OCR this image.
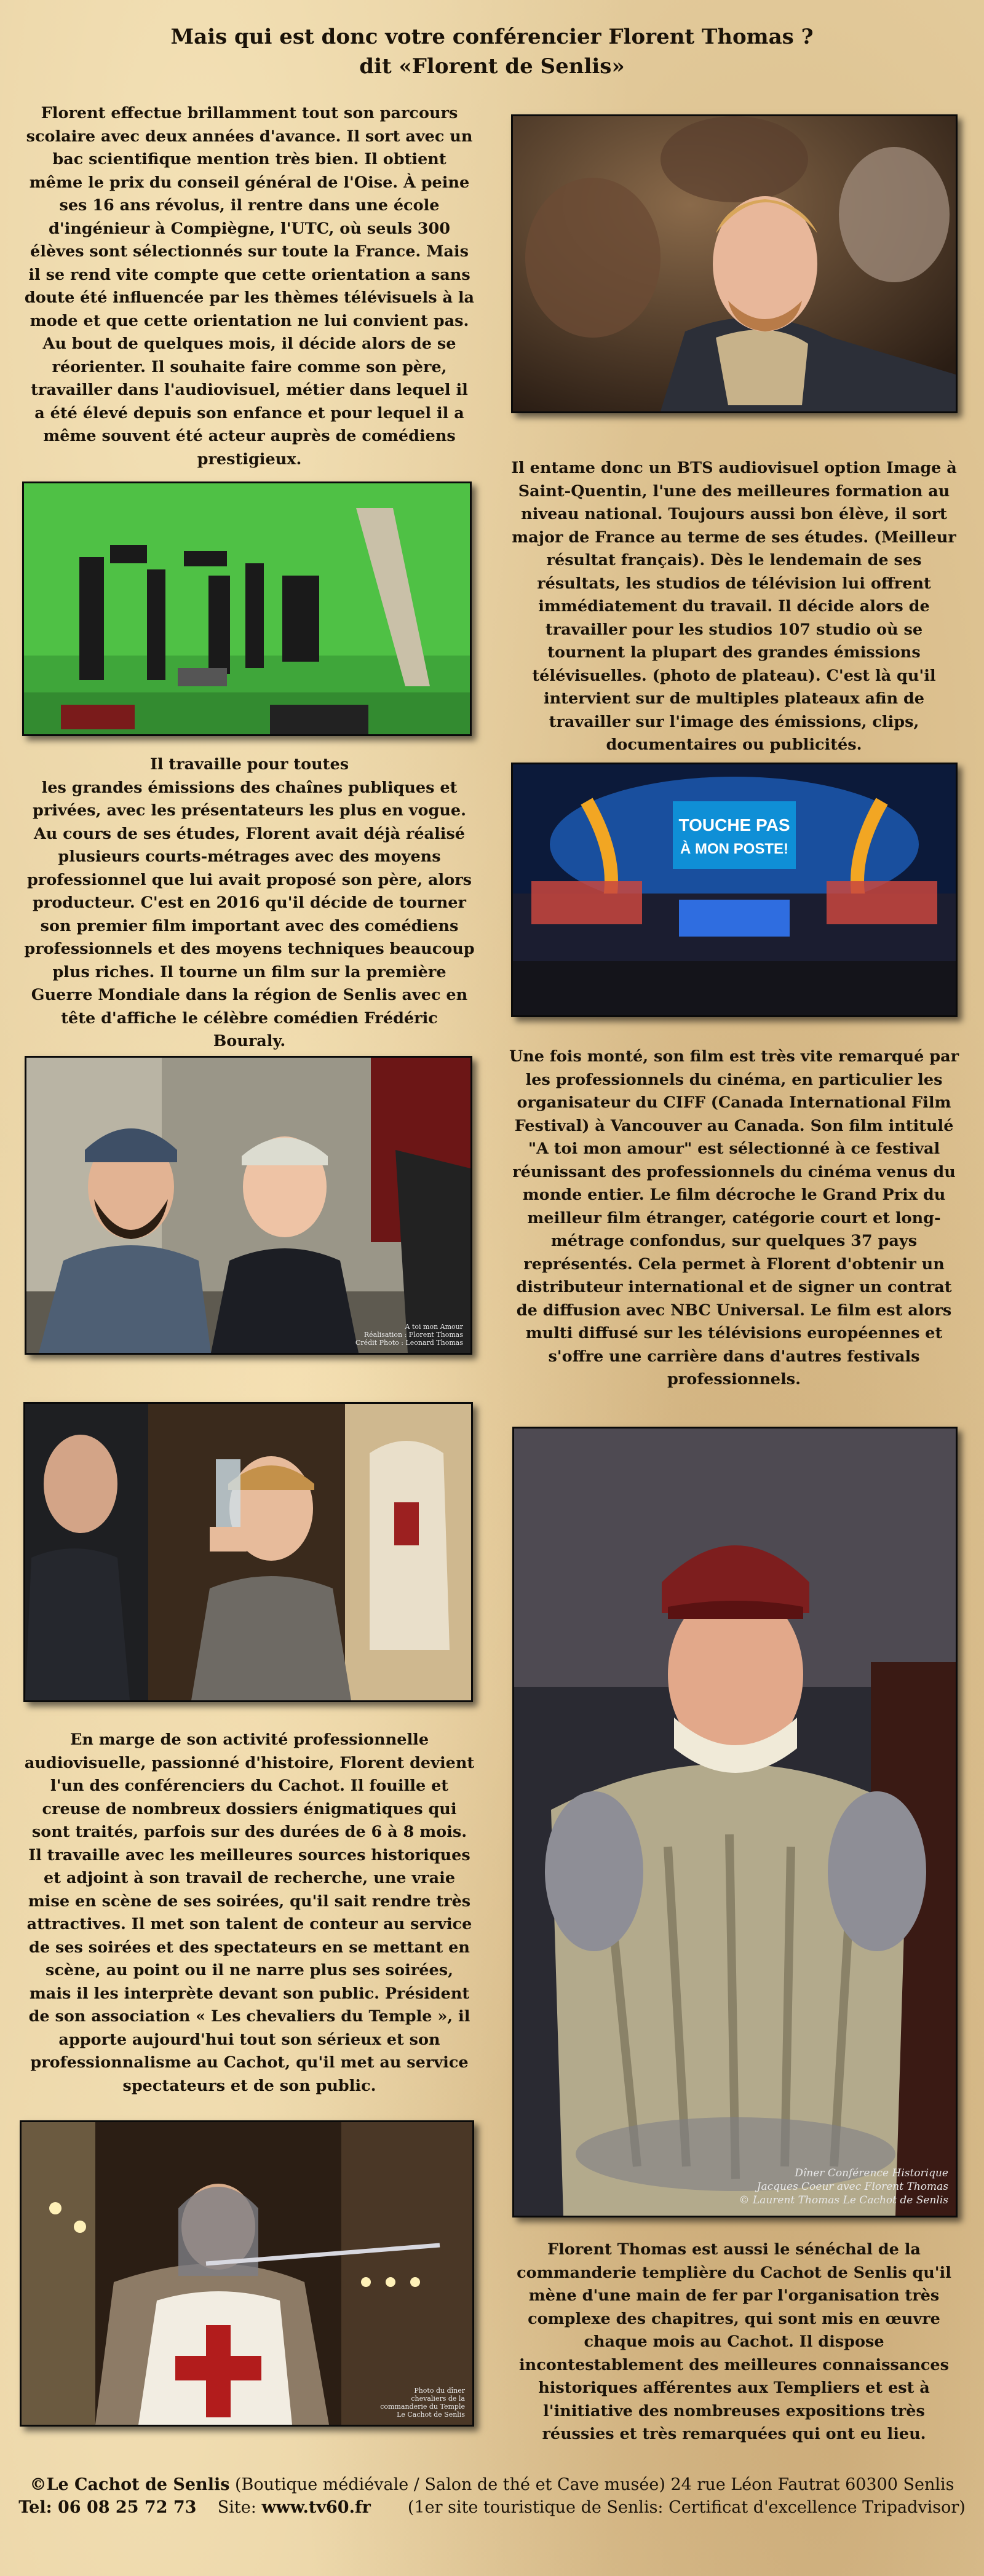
Mais qui est donc votre conférencier Florent Thomas ?
dit «Florent de Senlis»

Florent effectue brillamment tout son parcours scolaire avec deux années d'avance. Il sort avec un bac scientifique mention très bien. Il obtient même le prix du conseil général de l'Oise. À peine ses 16 ans révolus, il rentre dans une école d'ingénieur à Compiègne, l'UTC, où seuls 300 élèves sont sélectionnés sur toute la France. Mais il se rend vite compte que cette orientation a sans doute été influencée par les thèmes télévisuels à la mode et que cette orientation ne lui convient pas. Au bout de quelques mois, il décide alors de se réorienter. Il souhaite faire comme son père, travailler dans l'audiovisuel, métier dans lequel il a été élevé depuis son enfance et pour lequel il a même souvent été acteur auprès de comédiens prestigieux.	Il entame donc un BTS audiovisuel option Image à Saint-Quentin, l'une des meilleures formation au niveau national. Toujours aussi bon élève, il sort major de France au terme de ses études. (Meilleur résultat français). Dès le lendemain de ses résultats, les studios de télévision lui offrent immédiatement du travail. Il décide alors de travailler pour les studios 107 studio où se tournent la plupart des grandes émissions télévisuelles. (photo de plateau). C'est là qu'il intervient sur de multiples plateaux afin de travailler sur l'image des émissions, clips, documentaires ou publicités.

Il travaille pour toutes
les grandes émissions des chaînes publiques et privées, avec les présentateurs les plus en vogue. Au cours de ses études, Florent avait déjà réalisé plusieurs courts-métrages avec des moyens professionnel que lui avait proposé son père, alors producteur. C'est en 2016 qu'il décide de tourner son premier film important avec des comédiens professionnels et des moyens techniques beaucoup plus riches. Il tourne un film sur la première Guerre Mondiale dans la région de Senlis avec en tête d'affiche le célèbre comédien Frédéric Bouraly.
TOUCHE PAS
À MON POSTE!
A toi mon Amour
Réalisation : Florent Thomas
Crédit Photo : Leonard Thomas

Une fois monté, son film est très vite remarqué par les professionnels du cinéma, en particulier les organisateur du CIFF (Canada International Film Festival) à Vancouver au Canada. Son film intitulé "A toi mon amour" est sélectionné à ce festival réunissant des professionnels du cinéma venus du monde entier. Le film décroche le Grand Prix du meilleur film étranger, catégorie court et long-métrage confondus, sur quelques 37 pays représentés. Cela permet à Florent d'obtenir un distributeur international et de signer un contrat de diffusion avec NBC Universal. Le film est alors multi diffusé sur les télévisions européennes et s'offre une carrière dans d'autres festivals professionnels.

Dîner Conférence Historique
Jacques Coeur avec Florent Thomas
© Laurent Thomas Le Cachot de Senlis

En marge de son activité professionnelle audiovisuelle, passionné d'histoire, Florent devient l'un des conférenciers du Cachot. Il fouille et creuse de nombreux dossiers énigmatiques qui sont traités, parfois sur des durées de 6 à 8 mois. Il travaille avec les meilleures sources historiques et adjoint à son travail de recherche, une vraie mise en scène de ses soirées, qu'il sait rendre très attractives. Il met son talent de conteur au service de ses soirées et des spectateurs en se mettant en scène, au point ou il ne narre plus ses soirées, mais il les interprète devant son public. Président de son association « Les chevaliers du Temple », il apporte aujourd'hui tout son sérieux et son professionnalisme au Cachot, qu'il met au service spectateurs et de son public.

Photo du dîner
chevaliers de la
commanderie du Temple
Le Cachot de Senlis

Florent Thomas est aussi le sénéchal de la commanderie templière du Cachot de Senlis qu'il mène d'une main de fer par l'organisation très complexe des chapitres, qui sont mis en œuvre chaque mois au Cachot. Il dispose incontestablement des meilleures connaissances historiques afférentes aux Templiers et est à l'initiative des nombreuses expositions très réussies et très remarquées qui ont eu lieu.

©Le Cachot de Senlis (Boutique médiévale / Salon de thé et Cave musée) 24 rue Léon Fautrat 60300 Senlis
Tel: 06 08 25 72 73 Site: www.tv60.fr (1er site touristique de Senlis: Certificat d'excellence Tripadvisor)
